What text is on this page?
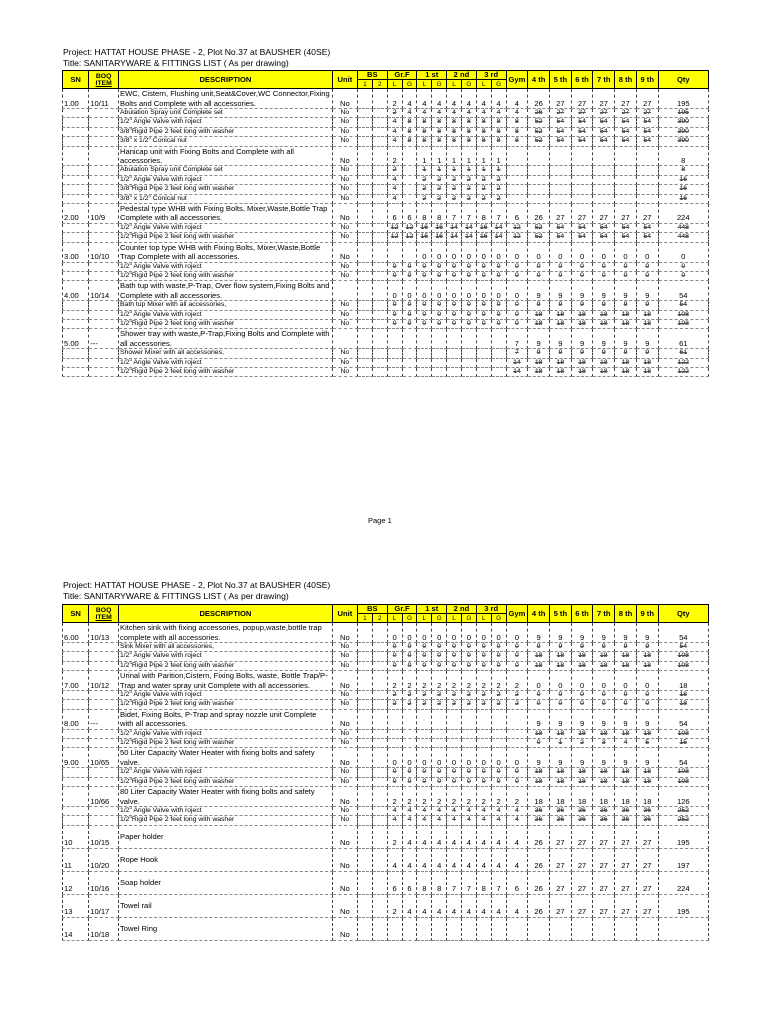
Project: HATTAT HOUSE PHASE - 2, Plot No.37 at BAUSHER (40SE)
Title: SANITARYWARE & FITTINGS LIST ( As per drawing)
SN	BOQ
ITEM	DESCRIPTION	Unit	BS		Gr.F		1 st		2 nd		3 rd		Gym	4 th	5 th	6 th	7 th	8 th	9 th	Qty
				1	2	L	G	L	G	L	G	L	G								
1.00	10/11	EWC, Cistern, Flushing unit,Seat&Cover,WC Connector,Fixing Bolts and Complete with all accessories.	No			2	4	4	4	4	4	4	4	4	26	27	27	27	27	27	195
		Abulation Spray unit Complete set	No			2	4	4	4	4	4	4	4	4	26	27	27	27	27	27	195
		1/2" Angle Valve with roject	No			4	8	8	8	8	8	8	8	8	52	54	54	54	54	54	390
		3/8"Rigid Pipe 2 feet long with washer	No			4	8	8	8	8	8	8	8	8	52	54	54	54	54	54	390
		3/8" x 1/2" Conical nut	No			4	8	8	8	8	8	8	8	8	52	54	54	54	54	54	390
		Hanicap unit with Fixing Bolts and Complete with all accessories.	No			2		1	1	1	1	1	1								8
		Abulation Spray unit Complete set	No			2		1	1	1	1	1	1								8
		1/2" Angle Valve with roject	No			4		2	2	2	2	2	2								16
		3/8"Rigid Pipe 2 feet long with washer	No			4		2	2	2	2	2	2								16
		3/8" x 1/2" Conical nut	No			4		2	2	2	2	2	2								16
2.00	10/9	Pedestal type WHB with Fixing Bolts, Mixer,Waste,Bottle Trap Complete with all accessories.	No			6	6	8	8	7	7	8	7	6	26	27	27	27	27	27	224
		1/2" Angle Valve with roject	No			12	12	16	16	14	14	16	14	12	52	54	54	54	54	54	448
		1/2"Rigid Pipe 2 feet long with washer	No			12	12	16	16	14	14	16	14	12	52	54	54	54	54	54	448
3.00	10/10	Counter top type WHB with Fixing Bolts, Mixer,Waste,Bottle Trap Complete with all accessories.	No					0	0	0	0	0	0	0	0	0	0	0	0	0	0
		1/2" Angle Valve with roject	No			0	0	0	0	0	0	0	0	0	0	0	0	0	0	0	0
		1/2"Rigid Pipe 2 feet long with washer	No			0	0	0	0	0	0	0	0	0	0	0	0	0	0	0	0
4.00	10/14	Bath tup with waste,P-Trap, Over flow system,Fixing Bolts and Complete with all accessories.				0	0	0	0	0	0	0	0	0	9	9	9	9	9	9	54
		Bath tup Mixer with all accessories,	No			0	0	0	0	0	0	0	0	0	9	9	9	9	9	9	54
		1/2" Angle Valve with roject	No			0	0	0	0	0	0	0	0	0	18	18	18	18	18	18	108
		1/2"Rigid Pipe 2 feet long with washer	No			0	0	0	0	0	0	0	0	0	18	18	18	18	18	18	108
5.00	---	Shower tray with waste,P-Trap,Fixing Bolts and Complete with all accessories.												7	9	9	9	9	9	9	61
		Shower Mixer with all accessories,	No											7	9	9	9	9	9	9	61
		1/2" Angle Valve with roject	No											14	18	18	18	18	18	18	122
		1/2"Rigid Pipe 2 feet long with washer	No											14	18	18	18	18	18	18	122
Page 1
Project: HATTAT HOUSE PHASE - 2, Plot No.37 at BAUSHER (40SE)
Title: SANITARYWARE & FITTINGS LIST ( As per drawing)
SN	BOQ
ITEM	DESCRIPTION	Unit	BS		Gr.F		1 st		2 nd		3 rd		Gym	4 th	5 th	6 th	7 th	8 th	9 th	Qty
				1	2	L	G	L	G	L	G	L	G								
6.00	10/13	Kitchen sink with fixing accessories, popup,waste,bottle trap complete with all accessories.	No			0	0	0	0	0	0	0	0	0	9	9	9	9	9	9	54
		Sink Mixer with all accessories,	No			0	0	0	0	0	0	0	0	0	9	9	9	9	9	9	54
		1/2" Angle Valve with roject	No			0	0	0	0	0	0	0	0	0	18	18	18	18	18	18	108
		1/2"Rigid Pipe 2 feet long with washer	No			0	0	0	0	0	0	0	0	0	18	18	18	18	18	18	108
7.00	10/12	Urinal with Parition,Cistern, Fixing Bolts, waste, Bottle Trap/P-Trap and water spray unit Complete with all accessories.	No			2	2	2	2	2	2	2	2	2	0	0	0	0	0	0	18
		1/2" Angle Valve with roject	No			2	2	2	2	2	2	2	2	2	0	0	0	0	0	0	18
		1/2"Rigid Pipe 2 feet long with washer	No			2	2	2	2	2	2	2	2	2	0	0	0	0	0	0	18
8.00	---	Bidet, Fixing Bolts, P-Trap and spray nozzle unit Complete with all accessories.	No												9	9	9	9	9	9	54
		1/2" Angle Valve with roject	No												18	18	18	18	18	18	108
		1/2"Rigid Pipe 2 feet long with washer	No												0	1	2	3	4	5	15
9.00	10/65	50 Liter Capacity Water Heater with fixing bolts and safety valve.	No			0	0	0	0	0	0	0	0	0	9	9	9	9	9	9	54
		1/2" Angle Valve with roject	No			0	0	0	0	0	0	0	0	0	18	18	18	18	18	18	108
		1/2"Rigid Pipe 2 feet long with washer	No			0	0	0	0	0	0	0	0	0	18	18	18	18	18	18	108
	10/66	80 Liter Capacity Water Heater with fixing bolts and safety valve.	No			2	2	2	2	2	2	2	2	2	18	18	18	18	18	18	126
		1/2" Angle Valve with roject	No			4	4	4	4	4	4	4	4	4	36	36	36	36	36	36	252
		1/2"Rigid Pipe 2 feet long with washer	No			4	4	4	4	4	4	4	4	4	36	36	36	36	36	36	252
10	10/15	Paper holder	No			2	4	4	4	4	4	4	4	4	26	27	27	27	27	27	195
11	10/20	Rope Hook	No			4	4	4	4	4	4	4	4	4	26	27	27	27	27	27	197
12	10/16	Soap holder	No			6	6	8	8	7	7	8	7	6	26	27	27	27	27	27	224
13	10/17	Towel rail	No			2	4	4	4	4	4	4	4	4	26	27	27	27	27	27	195
14	10/18	Towel Ring	No																		
